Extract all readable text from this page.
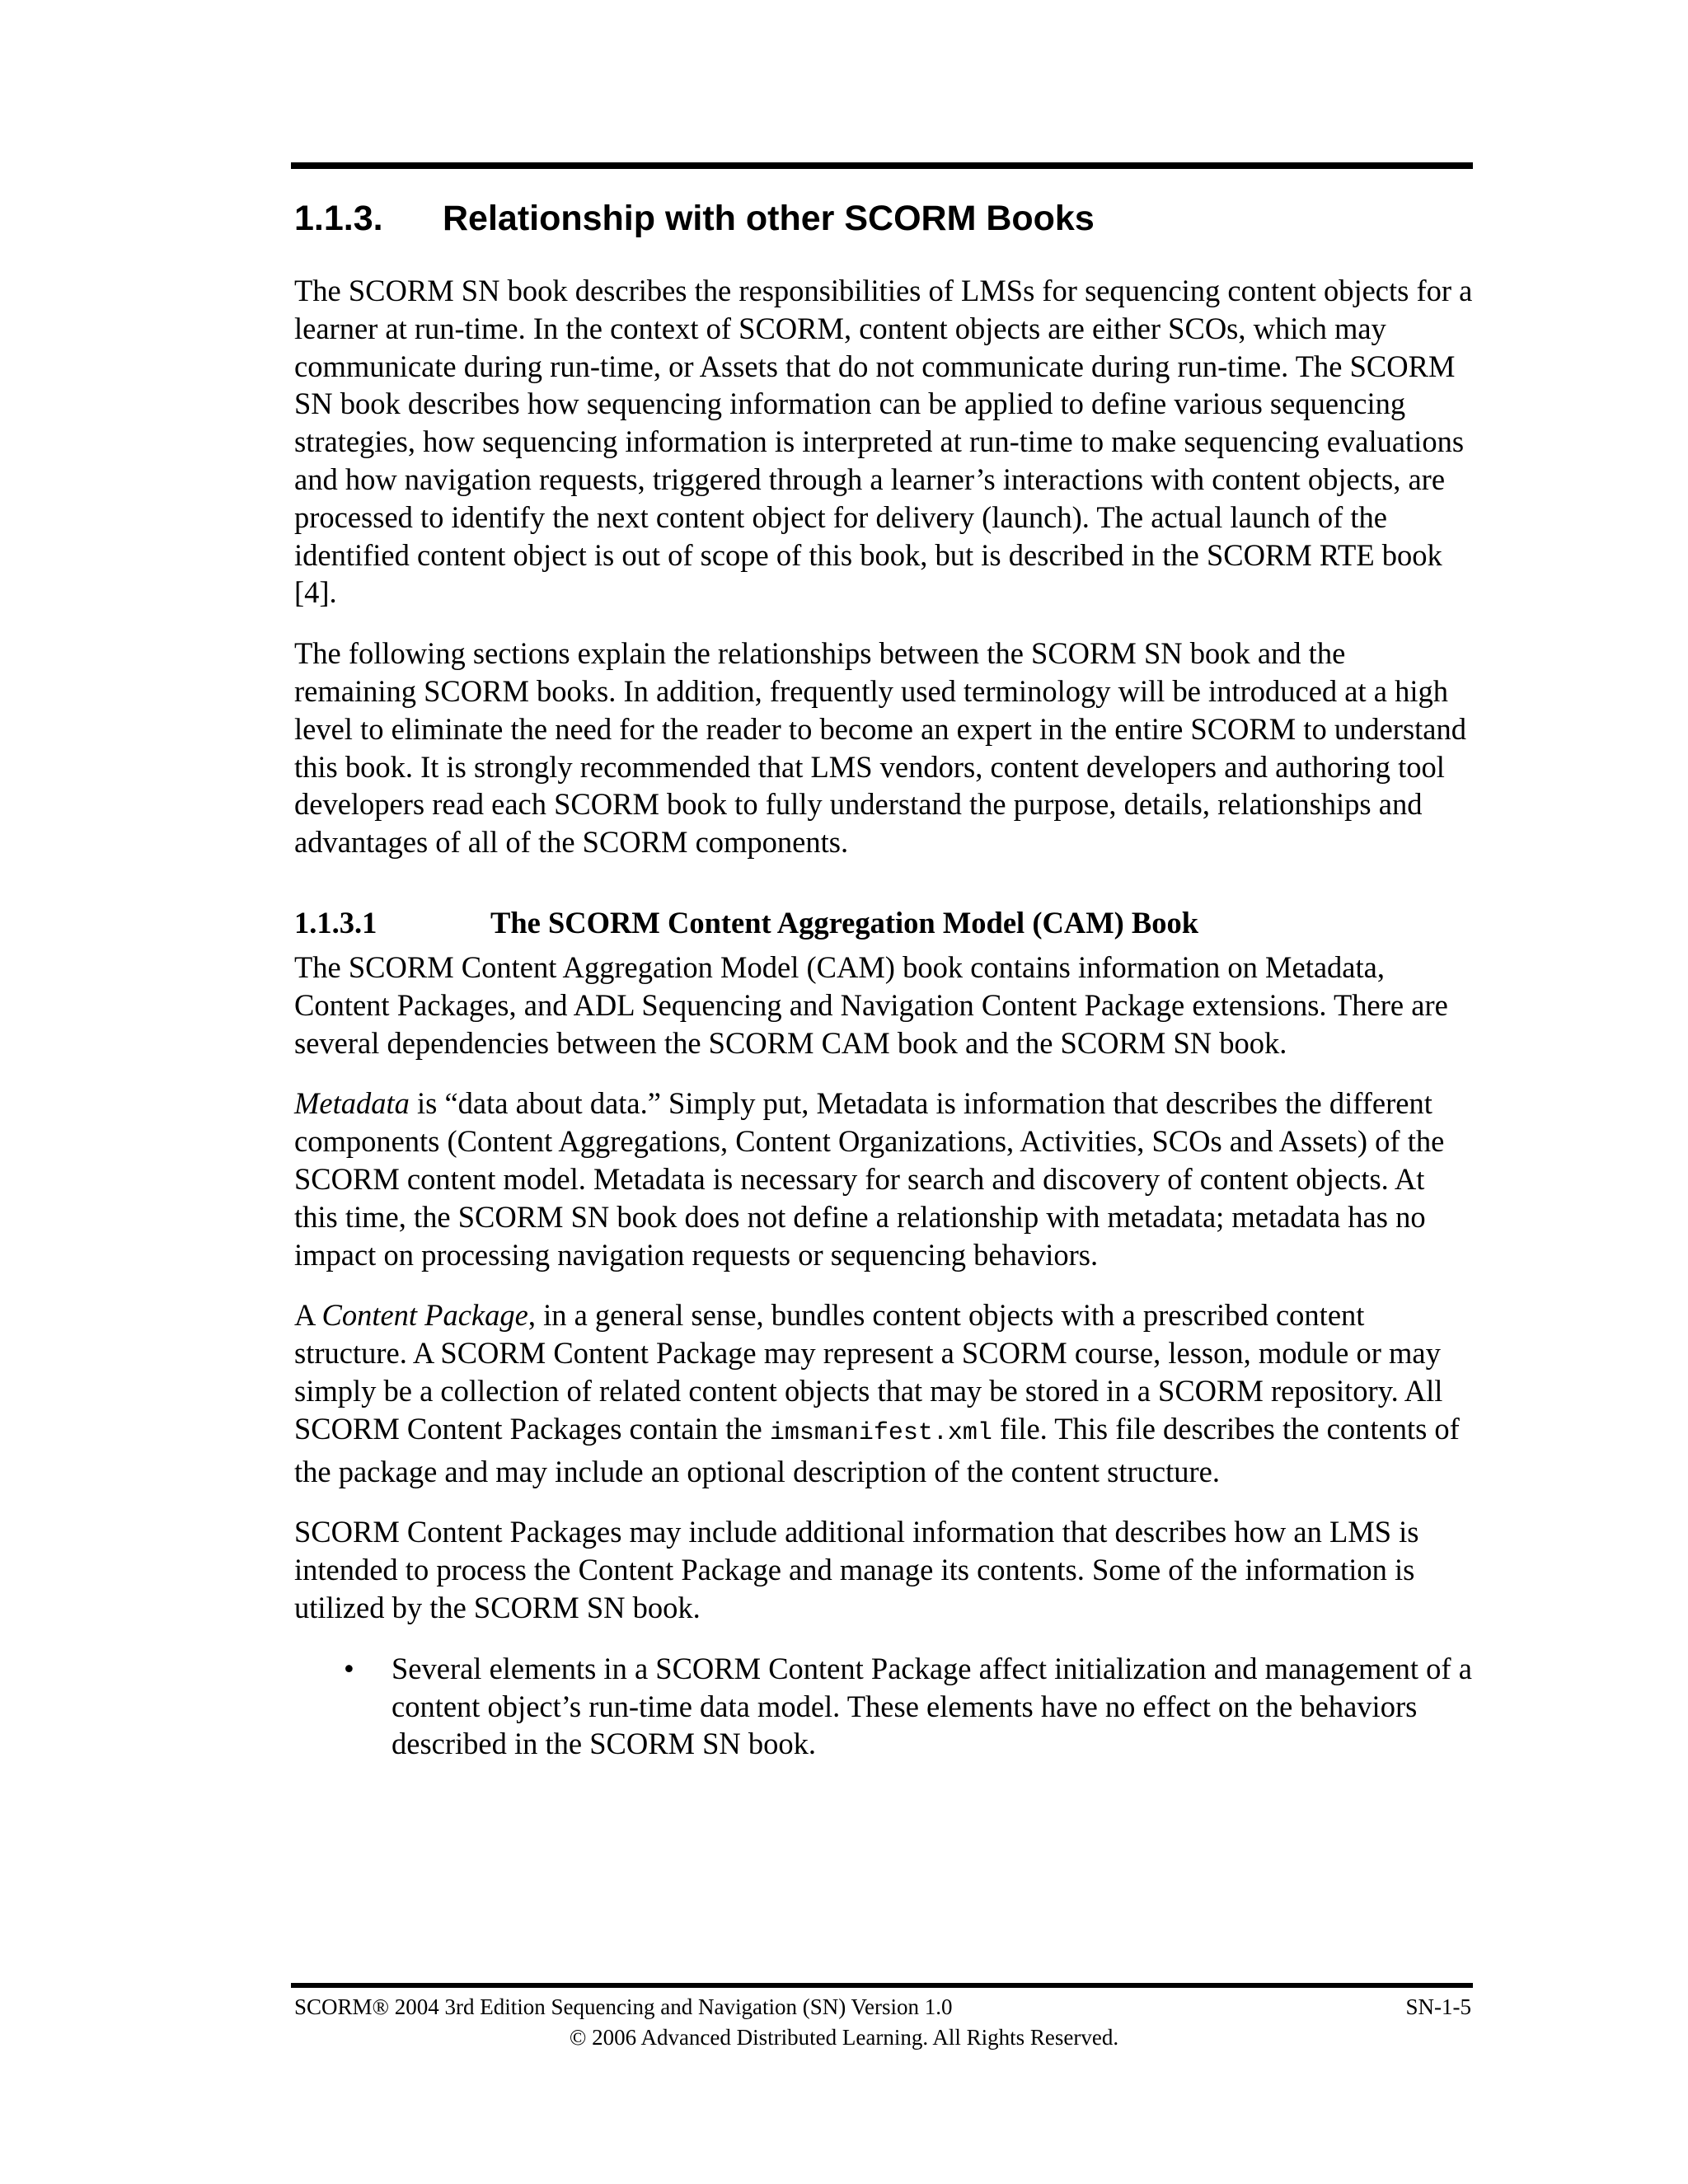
1.1.3. Relationship with other SCORM Books

The SCORM SN book describes the responsibilities of LMSs for sequencing content objects for a learner at run-time. In the context of SCORM, content objects are either SCOs, which may communicate during run-time, or Assets that do not communicate during run-time. The SCORM SN book describes how sequencing information can be applied to define various sequencing strategies, how sequencing information is interpreted at run-time to make sequencing evaluations and how navigation requests, triggered through a learner’s interactions with content objects, are processed to identify the next content object for delivery (launch). The actual launch of the identified content object is out of scope of this book, but is described in the SCORM RTE book [4].

The following sections explain the relationships between the SCORM SN book and the remaining SCORM books. In addition, frequently used terminology will be introduced at a high level to eliminate the need for the reader to become an expert in the entire SCORM to understand this book. It is strongly recommended that LMS vendors, content developers and authoring tool developers read each SCORM book to fully understand the purpose, details, relationships and advantages of all of the SCORM components.

1.1.3.1	The SCORM Content Aggregation Model (CAM) Book

The SCORM Content Aggregation Model (CAM) book contains information on Metadata, Content Packages, and ADL Sequencing and Navigation Content Package extensions. There are several dependencies between the SCORM CAM book and the SCORM SN book.

Metadata is “data about data.” Simply put, Metadata is information that describes the different components (Content Aggregations, Content Organizations, Activities, SCOs and Assets) of the SCORM content model. Metadata is necessary for search and discovery of content objects. At this time, the SCORM SN book does not define a relationship with metadata; metadata has no impact on processing navigation requests or sequencing behaviors.

A Content Package, in a general sense, bundles content objects with a prescribed content structure. A SCORM Content Package may represent a SCORM course, lesson, module or may simply be a collection of related content objects that may be stored in a SCORM repository. All SCORM Content Packages contain the imsmanifest.xml file. This file describes the contents of the package and may include an optional description of the content structure.

SCORM Content Packages may include additional information that describes how an LMS is intended to process the Content Package and manage its contents. Some of the information is utilized by the SCORM SN book.

• Several elements in a SCORM Content Package affect initialization and management of a content object’s run-time data model. These elements have no effect on the behaviors described in the SCORM SN book.
SCORM® 2004 3rd Edition Sequencing and Navigation (SN) Version 1.0	SN-1-5
© 2006 Advanced Distributed Learning. All Rights Reserved.
